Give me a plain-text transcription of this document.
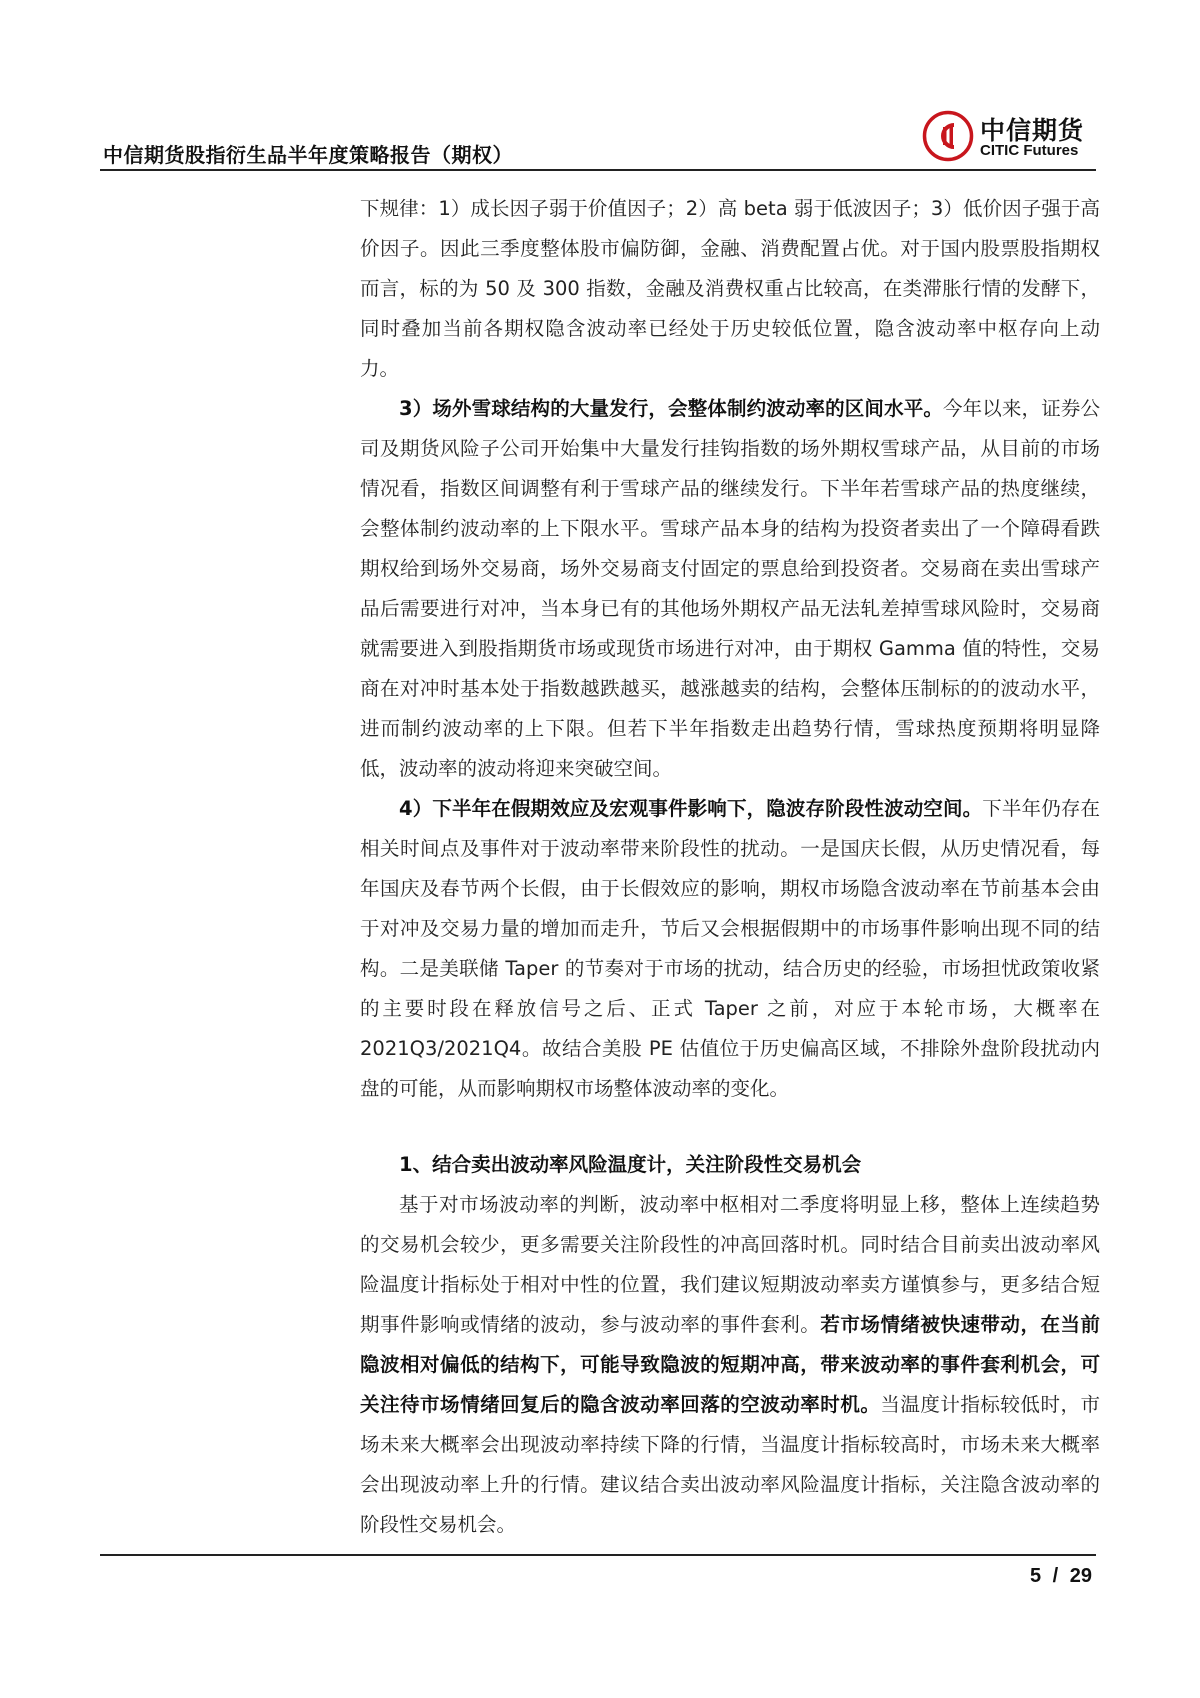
中信期货股指衍生品半年度策略报告（期权）
中信期货
CITIC Futures

下规律：1）成长因子弱于价值因子；2）高 beta 弱于低波因子；3）低价因子强于高价因子。因此三季度整体股市偏防御，金融、消费配置占优。对于国内股票股指期权而言，标的为 50 及 300 指数，金融及消费权重占比较高，在类滞胀行情的发酵下，同时叠加当前各期权隐含波动率已经处于历史较低位置，隐含波动率中枢存向上动力。

3）场外雪球结构的大量发行，会整体制约波动率的区间水平。今年以来，证券公司及期货风险子公司开始集中大量发行挂钩指数的场外期权雪球产品，从目前的市场情况看，指数区间调整有利于雪球产品的继续发行。下半年若雪球产品的热度继续，会整体制约波动率的上下限水平。雪球产品本身的结构为投资者卖出了一个障碍看跌期权给到场外交易商，场外交易商支付固定的票息给到投资者。交易商在卖出雪球产品后需要进行对冲，当本身已有的其他场外期权产品无法轧差掉雪球风险时，交易商就需要进入到股指期货市场或现货市场进行对冲，由于期权 Gamma 值的特性，交易商在对冲时基本处于指数越跌越买，越涨越卖的结构，会整体压制标的的波动水平，进而制约波动率的上下限。但若下半年指数走出趋势行情，雪球热度预期将明显降低，波动率的波动将迎来突破空间。

4）下半年在假期效应及宏观事件影响下，隐波存阶段性波动空间。下半年仍存在相关时间点及事件对于波动率带来阶段性的扰动。一是国庆长假，从历史情况看，每年国庆及春节两个长假，由于长假效应的影响，期权市场隐含波动率在节前基本会由于对冲及交易力量的增加而走升，节后又会根据假期中的市场事件影响出现不同的结构。二是美联储 Taper 的节奏对于市场的扰动，结合历史的经验，市场担忧政策收紧的主要时段在释放信号之后、正式 Taper 之前，对应于本轮市场，大概率在 2021Q3/2021Q4。故结合美股 PE 估值位于历史偏高区域，不排除外盘阶段扰动内盘的可能，从而影响期权市场整体波动率的变化。

1、结合卖出波动率风险温度计，关注阶段性交易机会

基于对市场波动率的判断，波动率中枢相对二季度将明显上移，整体上连续趋势的交易机会较少，更多需要关注阶段性的冲高回落时机。同时结合目前卖出波动率风险温度计指标处于相对中性的位置，我们建议短期波动率卖方谨慎参与，更多结合短期事件影响或情绪的波动，参与波动率的事件套利。若市场情绪被快速带动，在当前隐波相对偏低的结构下，可能导致隐波的短期冲高，带来波动率的事件套利机会，可关注待市场情绪回复后的隐含波动率回落的空波动率时机。当温度计指标较低时，市场未来大概率会出现波动率持续下降的行情，当温度计指标较高时，市场未来大概率会出现波动率上升的行情。建议结合卖出波动率风险温度计指标，关注隐含波动率的阶段性交易机会。

5 / 29
